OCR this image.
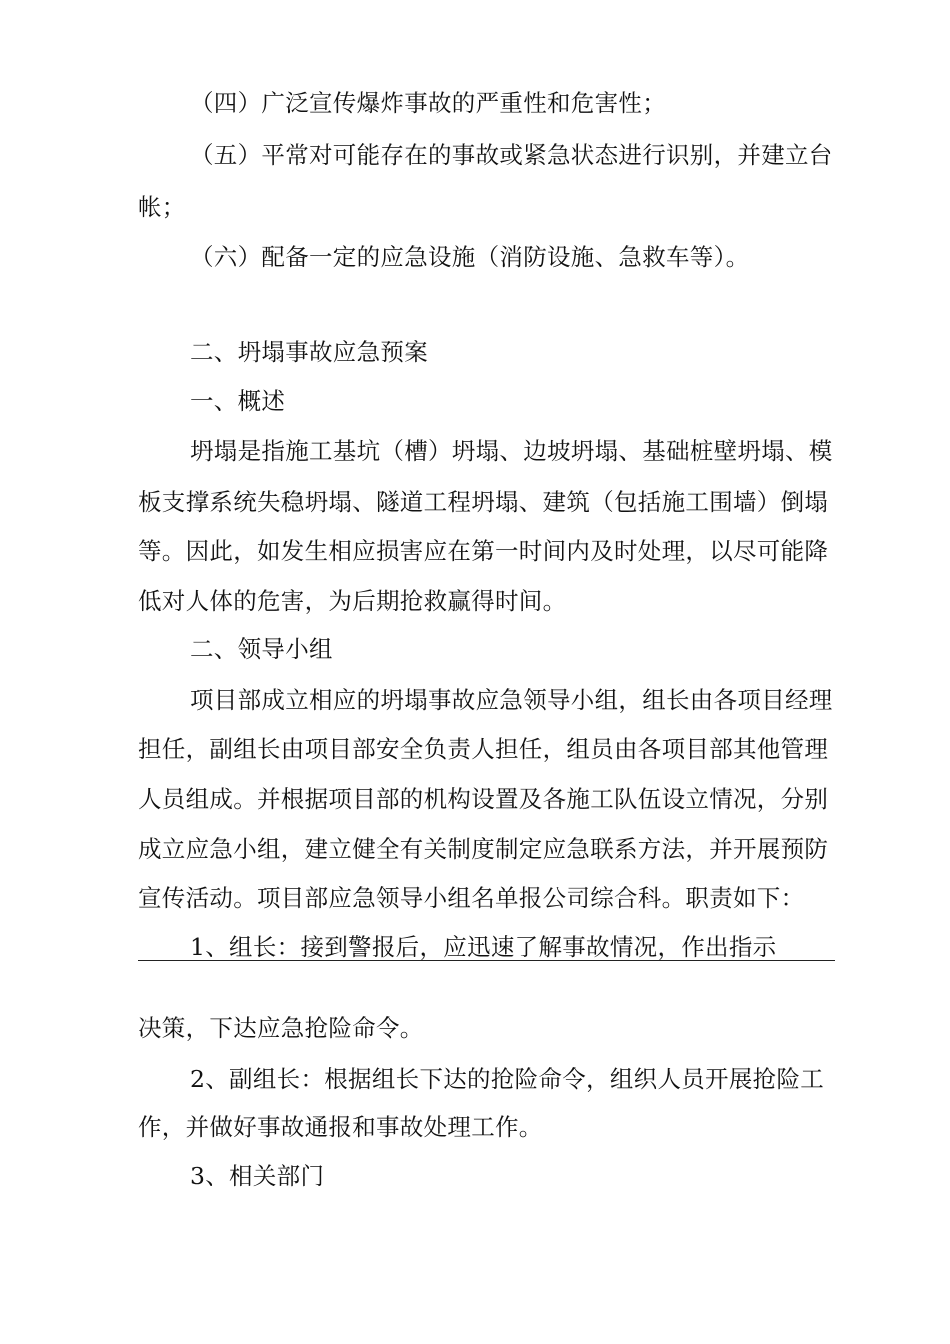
（四）广泛宣传爆炸事故的严重性和危害性；
（五）平常对可能存在的事故或紧急状态进行识别，并建立台
帐；
（六）配备一定的应急设施（消防设施、急救车等）。
二、坍塌事故应急预案
一、概述
坍塌是指施工基坑（槽）坍塌、边坡坍塌、基础桩壁坍塌、模
板支撑系统失稳坍塌、隧道工程坍塌、建筑（包括施工围墙）倒塌
等。因此，如发生相应损害应在第一时间内及时处理，以尽可能降
低对人体的危害，为后期抢救赢得时间。
二、领导小组
项目部成立相应的坍塌事故应急领导小组，组长由各项目经理
担任，副组长由项目部安全负责人担任，组员由各项目部其他管理
人员组成。并根据项目部的机构设置及各施工队伍设立情况，分别
成立应急小组，建立健全有关制度制定应急联系方法，并开展预防
宣传活动。项目部应急领导小组名单报公司综合科。职责如下：
1、组长：接到警报后，应迅速了解事故情况，作出指示
决策，下达应急抢险命令。
2、副组长：根据组长下达的抢险命令，组织人员开展抢险工
作，并做好事故通报和事故处理工作。
3、相关部门
